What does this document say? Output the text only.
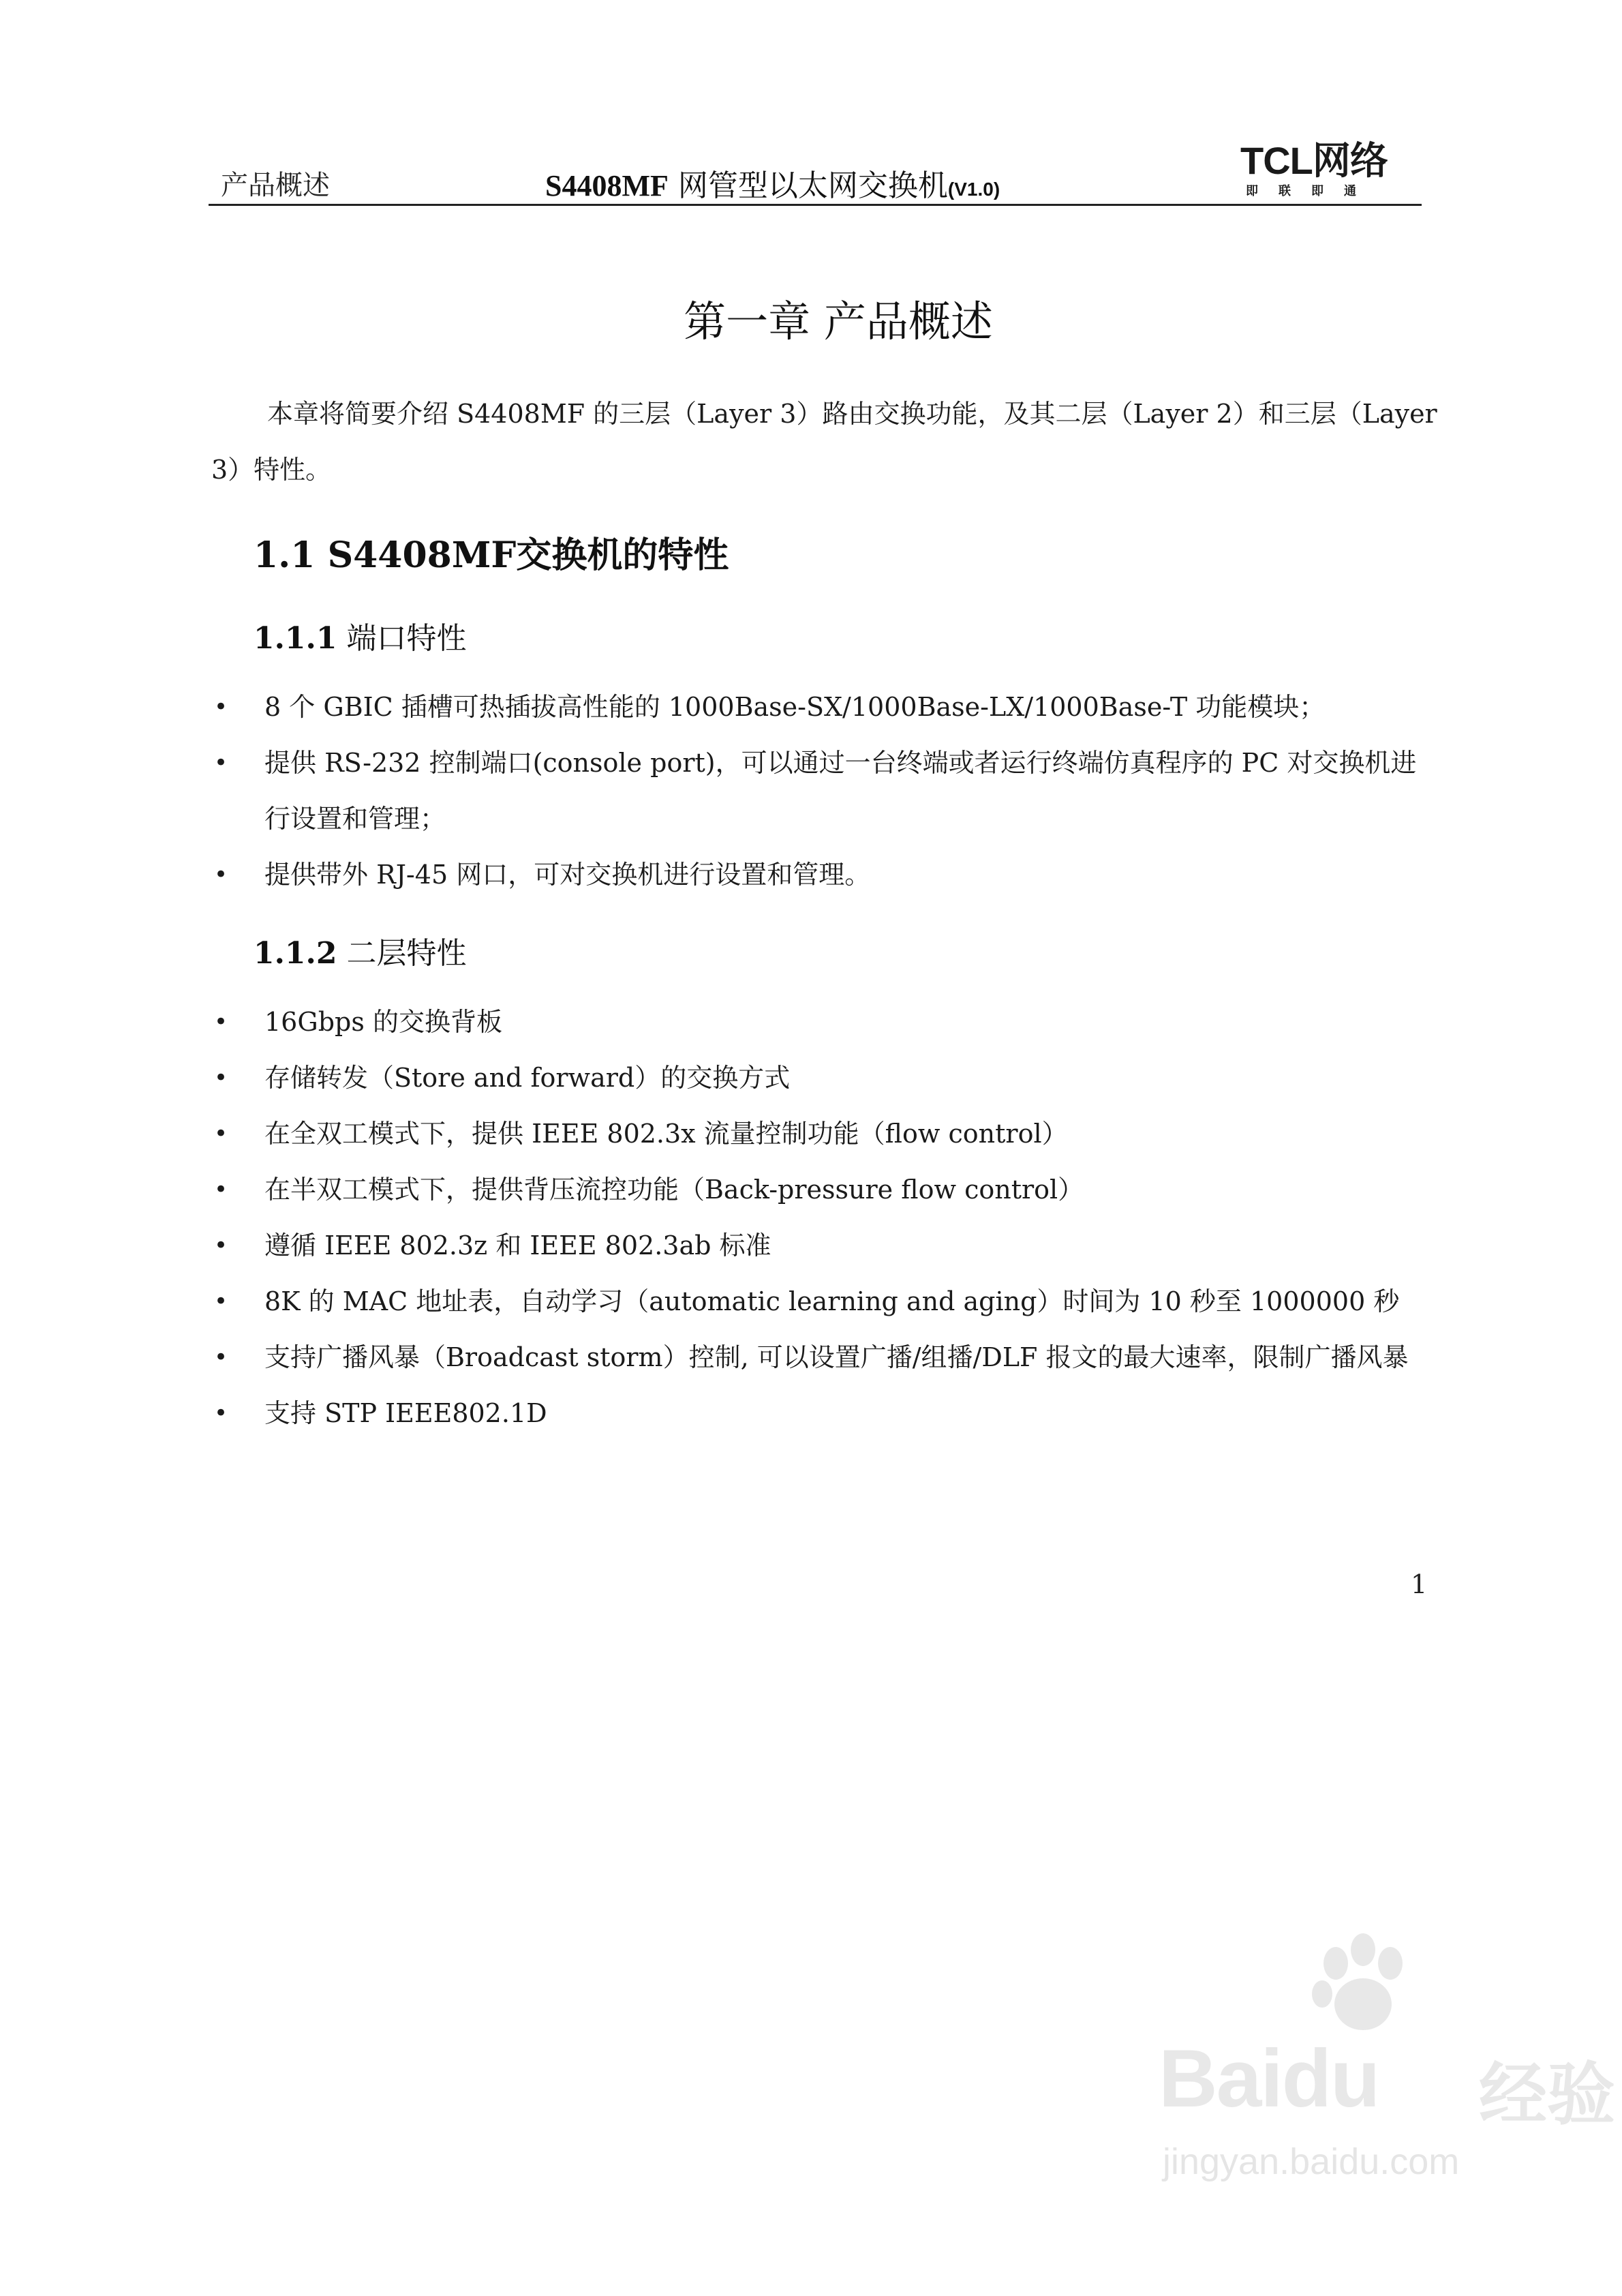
产品概述	S4408MF 网管型以太网交换机(V1.0)
TCL网络
即联即通
第一章 产品概述
本章将简要介绍 S4408MF 的三层（Layer 3）路由交换功能，及其二层（Layer 2）和三层（Layer
3）特性。
1.1 S4408MF交换机的特性
1.1.1 端口特性
• 8 个 GBIC 插槽可热插拔高性能的 1000Base-SX/1000Base-LX/1000Base-T 功能模块；
• 提供 RS-232 控制端口(console port)，可以通过一台终端或者运行终端仿真程序的 PC 对交换机进行设置和管理；
• 提供带外 RJ-45 网口，可对交换机进行设置和管理。
1.1.2 二层特性
• 16Gbps 的交换背板
• 存储转发（Store and forward）的交换方式
• 在全双工模式下，提供 IEEE 802.3x 流量控制功能（flow control）
• 在半双工模式下，提供背压流控功能（Back-pressure flow control）
• 遵循 IEEE 802.3z 和 IEEE 802.3ab 标准
• 8K 的 MAC 地址表，自动学习（automatic learning and aging）时间为 10 秒至 1000000 秒
• 支持广播风暴（Broadcast storm）控制, 可以设置广播/组播/DLF 报文的最大速率，限制广播风暴
• 支持 STP IEEE802.1D
1
Baidu 经验
jingyan.baidu.com
